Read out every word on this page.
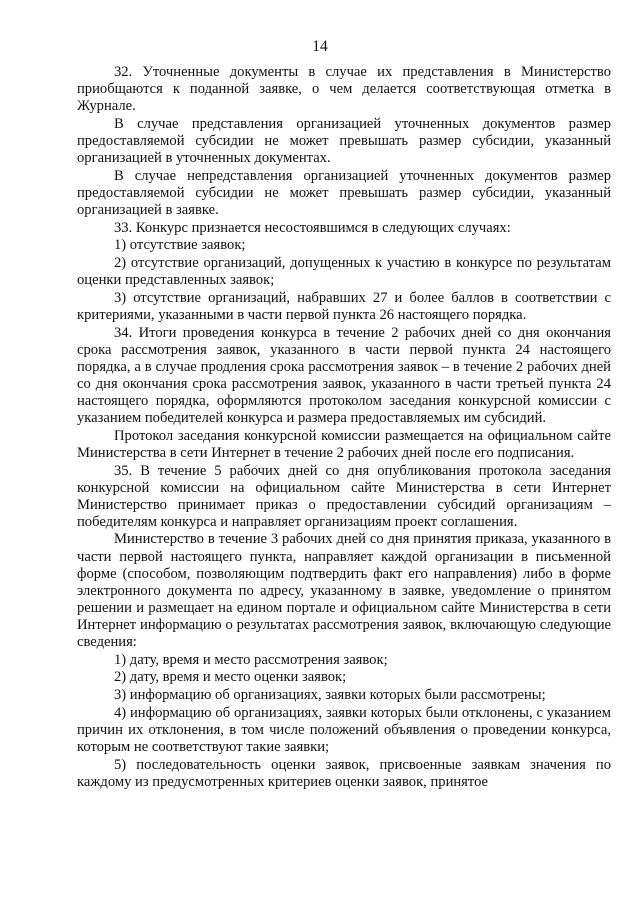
14

32. Уточненные документы в случае их представления в Министерство приобщаются к поданной заявке, о чем делается соответствующая отметка в Журнале.

В случае представления организацией уточненных документов размер предоставляемой субсидии не может превышать размер субсидии, указанный организацией в уточненных документах.

В случае непредставления организацией уточненных документов размер предоставляемой субсидии не может превышать размер субсидии, указанный организацией в заявке.

33. Конкурс признается несостоявшимся в следующих случаях:

1) отсутствие заявок;

2) отсутствие организаций, допущенных к участию в конкурсе по результатам оценки представленных заявок;

3) отсутствие организаций, набравших 27 и более баллов в соответствии с критериями, указанными в части первой пункта 26 настоящего порядка.

34. Итоги проведения конкурса в течение 2 рабочих дней со дня окончания срока рассмотрения заявок, указанного в части первой пункта 24 настоящего порядка, а в случае продления срока рассмотрения заявок – в течение 2 рабочих дней со дня окончания срока рассмотрения заявок, указанного в части третьей пункта 24 настоящего порядка, оформляются протоколом заседания конкурсной комиссии с указанием победителей конкурса и размера предоставляемых им субсидий.

Протокол заседания конкурсной комиссии размещается на официальном сайте Министерства в сети Интернет в течение 2 рабочих дней после его подписания.

35. В течение 5 рабочих дней со дня опубликования протокола заседания конкурсной комиссии на официальном сайте Министерства в сети Интернет Министерство принимает приказ о предоставлении субсидий организациям – победителям конкурса и направляет организациям проект соглашения.

Министерство в течение 3 рабочих дней со дня принятия приказа, указанного в части первой настоящего пункта, направляет каждой организации в письменной форме (способом, позволяющим подтвердить факт его направления) либо в форме электронного документа по адресу, указанному в заявке, уведомление о принятом решении и размещает на едином портале и официальном сайте Министерства в сети Интернет информацию о результатах рассмотрения заявок, включающую следующие сведения:

1) дату, время и место рассмотрения заявок;

2) дату, время и место оценки заявок;

3) информацию об организациях, заявки которых были рассмотрены;

4) информацию об организациях, заявки которых были отклонены, с указанием причин их отклонения, в том числе положений объявления о проведении конкурса, которым не соответствуют такие заявки;

5) последовательность оценки заявок, присвоенные заявкам значения по каждому из предусмотренных критериев оценки заявок, принятое
